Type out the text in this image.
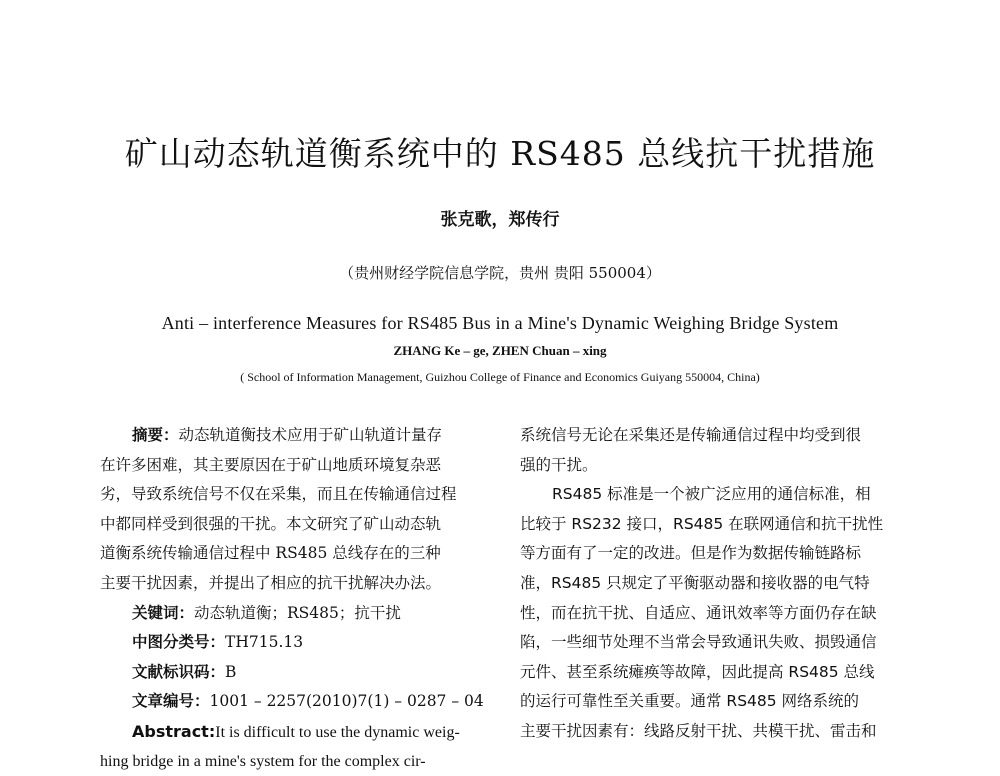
矿山动态轨道衡系统中的 RS485 总线抗干扰措施
张克歌，郑传行
（贵州财经学院信息学院，贵州 贵阳 550004）
Anti – interference Measures for RS485 Bus in a Mine's Dynamic Weighing Bridge System
ZHANG Ke – ge, ZHEN Chuan – xing
( School of Information Management, Guizhou College of Finance and Economics Guiyang 550004, China)
摘要：动态轨道衡技术应用于矿山轨道计量存
在许多困难，其主要原因在于矿山地质环境复杂恶
劣，导致系统信号不仅在采集，而且在传输通信过程
中都同样受到很强的干扰。本文研究了矿山动态轨
道衡系统传输通信过程中 RS485 总线存在的三种
主要干扰因素，并提出了相应的抗干扰解决办法。
关键词：动态轨道衡；RS485；抗干扰
中图分类号：TH715.13
文献标识码：B
文章编号：1001 – 2257(2010)7(1) – 0287 – 04
Abstract:It is difficult to use the dynamic weig-
hing bridge in a mine's system for the complex cir-
系统信号无论在采集还是传输通信过程中均受到很
强的干扰。
RS485 标准是一个被广泛应用的通信标准，相
比较于 RS232 接口，RS485 在联网通信和抗干扰性
等方面有了一定的改进。但是作为数据传输链路标
准，RS485 只规定了平衡驱动器和接收器的电气特
性，而在抗干扰、自适应、通讯效率等方面仍存在缺
陷，一些细节处理不当常会导致通讯失败、损毁通信
元件、甚至系统瘫痪等故障，因此提高 RS485 总线
的运行可靠性至关重要。通常 RS485 网络系统的
主要干扰因素有：线路反射干扰、共模干扰、雷击和
